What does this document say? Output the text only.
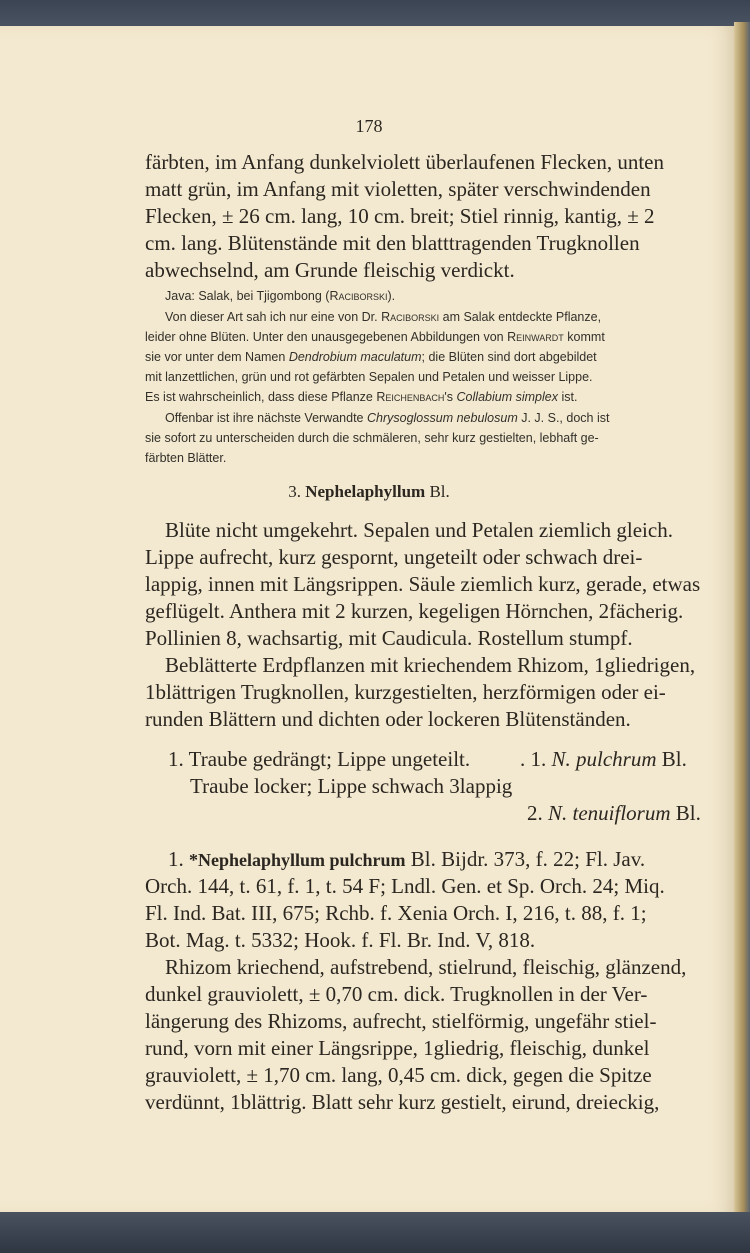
178

färbten, im Anfang dunkelviolett überlaufenen Flecken, unten

matt grün, im Anfang mit violetten, später verschwindenden

Flecken, ± 26 cm. lang, 10 cm. breit; Stiel rinnig, kantig, ± 2

cm. lang. Blütenstände mit den blatttragenden Trugknollen

abwechselnd, am Grunde fleischig verdickt.

Java: Salak, bei Tjigombong (Raciborski).

Von dieser Art sah ich nur eine von Dr. Raciborski am Salak entdeckte Pflanze,

leider ohne Blüten. Unter den unausgegebenen Abbildungen von Reinwardt kommt

sie vor unter dem Namen Dendrobium maculatum; die Blüten sind dort abgebildet

mit lanzettlichen, grün und rot gefärbten Sepalen und Petalen und weisser Lippe.

Es ist wahrscheinlich, dass diese Pflanze Reichenbach's Collabium simplex ist.

Offenbar ist ihre nächste Verwandte Chrysoglossum nebulosum J. J. S., doch ist

sie sofort zu unterscheiden durch die schmäleren, sehr kurz gestielten, lebhaft ge-

färbten Blätter.

3. Nephelaphyllum Bl.

Blüte nicht umgekehrt. Sepalen und Petalen ziemlich gleich.

Lippe aufrecht, kurz gespornt, ungeteilt oder schwach drei-

lappig, innen mit Längsrippen. Säule ziemlich kurz, gerade, etwas

geflügelt. Anthera mit 2 kurzen, kegeligen Hörnchen, 2fächerig.

Pollinien 8, wachsartig, mit Caudicula. Rostellum stumpf.

Beblätterte Erdpflanzen mit kriechendem Rhizom, 1gliedrigen,

1blättrigen Trugknollen, kurzgestielten, herzförmigen oder ei-

runden Blättern und dichten oder lockeren Blütenständen.

1. Traube gedrängt; Lippe ungeteilt. . 1. N. pulchrum Bl.

Traube locker; Lippe schwach 3lappig

2. N. tenuiflorum Bl.

1. *Nephelaphyllum pulchrum Bl. Bijdr. 373, f. 22; Fl. Jav.

Orch. 144, t. 61, f. 1, t. 54 F; Lndl. Gen. et Sp. Orch. 24; Miq.

Fl. Ind. Bat. III, 675; Rchb. f. Xenia Orch. I, 216, t. 88, f. 1;

Bot. Mag. t. 5332; Hook. f. Fl. Br. Ind. V, 818.

Rhizom kriechend, aufstrebend, stielrund, fleischig, glänzend,

dunkel grauviolett, ± 0,70 cm. dick. Trugknollen in der Ver-

längerung des Rhizoms, aufrecht, stielförmig, ungefähr stiel-

rund, vorn mit einer Längsrippe, 1gliedrig, fleischig, dunkel

grauviolett, ± 1,70 cm. lang, 0,45 cm. dick, gegen die Spitze

verdünnt, 1blättrig. Blatt sehr kurz gestielt, eirund, dreieckig,
